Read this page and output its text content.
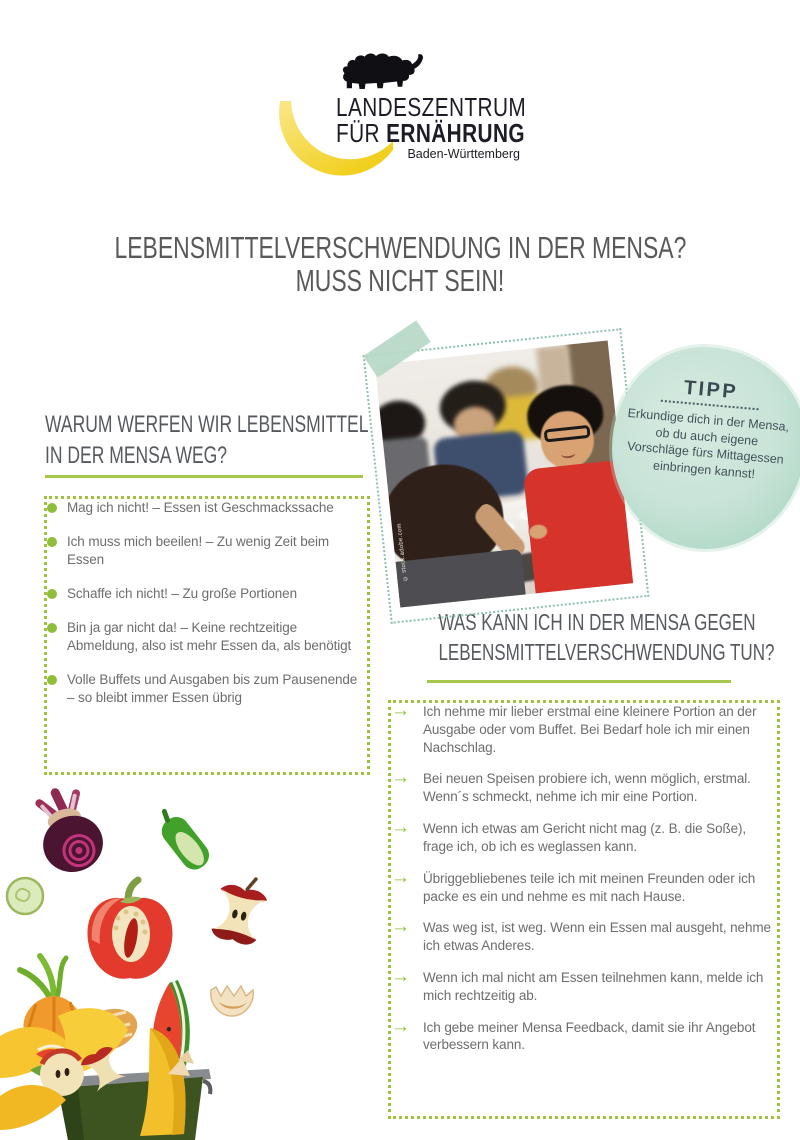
LANDESZENTRUM
FÜR ERNÄHRUNG
Baden-Württemberg
LEBENSMITTELVERSCHWENDUNG IN DER MENSA?
MUSS NICHT SEIN!
WARUM WERFEN WIR LEBENSMITTEL
IN DER MENSA WEG?
Mag ich nicht! – Essen ist Geschmackssache
Ich muss mich beeilen! – Zu wenig Zeit beim Essen
Schaffe ich nicht! – Zu große Portionen
Bin ja gar nicht da! – Keine rechtzeitige Abmeldung, also ist mehr Essen da, als benötigt
Volle Buffets und Ausgaben bis zum Pausenende – so bleibt immer Essen übrig
© stock.adobe.com
TIPP
Erkundige dich in der Mensa, ob du auch eigene Vorschläge fürs Mittagessen einbringen kannst!
WAS KANN ICH IN DER MENSA GEGEN
LEBENSMITTELVERSCHWENDUNG TUN?
→ Ich nehme mir lieber erstmal eine kleinere Portion an der Ausgabe oder vom Buffet. Bei Bedarf hole ich mir einen Nachschlag.
→ Bei neuen Speisen probiere ich, wenn möglich, erstmal. Wenn´s schmeckt, nehme ich mir eine Portion.
→ Wenn ich etwas am Gericht nicht mag (z. B. die Soße), frage ich, ob ich es weglassen kann.
→ Übriggebliebenes teile ich mit meinen Freunden oder ich packe es ein und nehme es mit nach Hause.
→ Was weg ist, ist weg. Wenn ein Essen mal ausgeht, nehme ich etwas Anderes.
→ Wenn ich mal nicht am Essen teilnehmen kann, melde ich mich rechtzeitig ab.
→ Ich gebe meiner Mensa Feedback, damit sie ihr Angebot verbessern kann.
